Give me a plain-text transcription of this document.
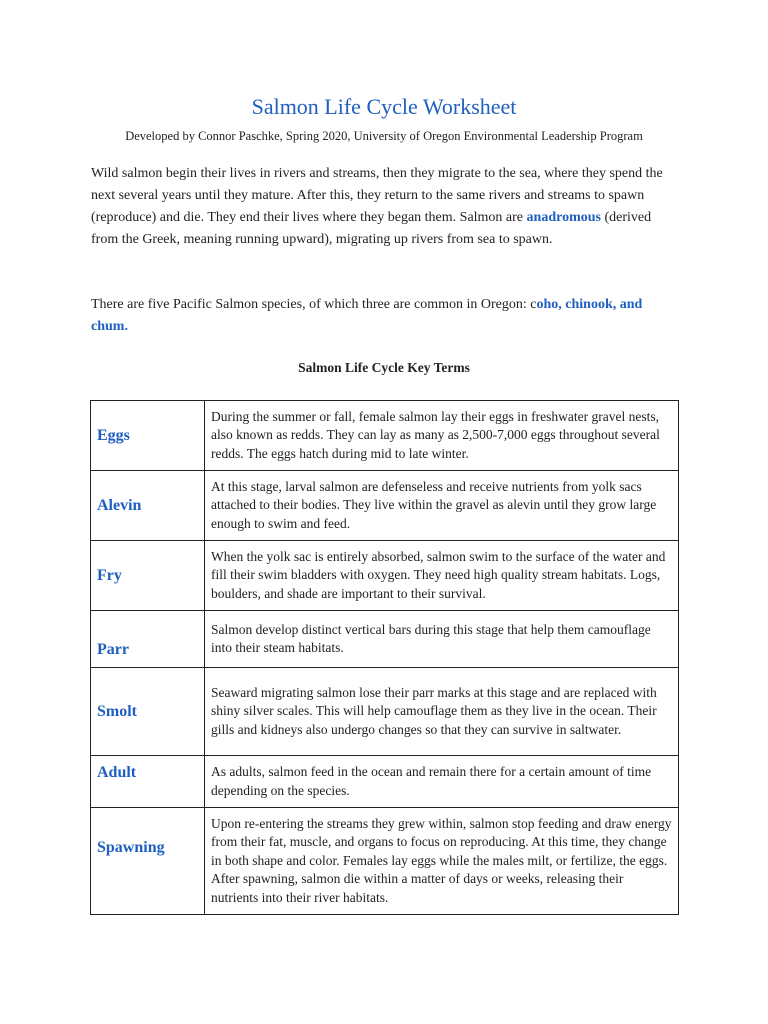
Salmon Life Cycle Worksheet
Developed by Connor Paschke, Spring 2020, University of Oregon Environmental Leadership Program
Wild salmon begin their lives in rivers and streams, then they migrate to the sea, where they spend the next several years until they mature. After this, they return to the same rivers and streams to spawn (reproduce) and die. They end their lives where they began them. Salmon are anadromous (derived from the Greek, meaning running upward), migrating up rivers from sea to spawn.
There are five Pacific Salmon species, of which three are common in Oregon: coho, chinook, and chum.
Salmon Life Cycle Key Terms
Eggs	During the summer or fall, female salmon lay their eggs in freshwater gravel nests, also known as redds. They can lay as many as 2,500-7,000 eggs throughout several redds. The eggs hatch during mid to late winter.
Alevin	At this stage, larval salmon are defenseless and receive nutrients from yolk sacs attached to their bodies. They live within the gravel as alevin until they grow large enough to swim and feed.
Fry	When the yolk sac is entirely absorbed, salmon swim to the surface of the water and fill their swim bladders with oxygen. They need high quality stream habitats. Logs, boulders, and shade are important to their survival.
Parr	Salmon develop distinct vertical bars during this stage that help them camouflage into their steam habitats.
Smolt	Seaward migrating salmon lose their parr marks at this stage and are replaced with shiny silver scales. This will help camouflage them as they live in the ocean. Their gills and kidneys also undergo changes so that they can survive in saltwater.
Adult	As adults, salmon feed in the ocean and remain there for a certain amount of time depending on the species.
Spawning	Upon re-entering the streams they grew within, salmon stop feeding and draw energy from their fat, muscle, and organs to focus on reproducing. At this time, they change in both shape and color. Females lay eggs while the males milt, or fertilize, the eggs. After spawning, salmon die within a matter of days or weeks, releasing their nutrients into their river habitats.
